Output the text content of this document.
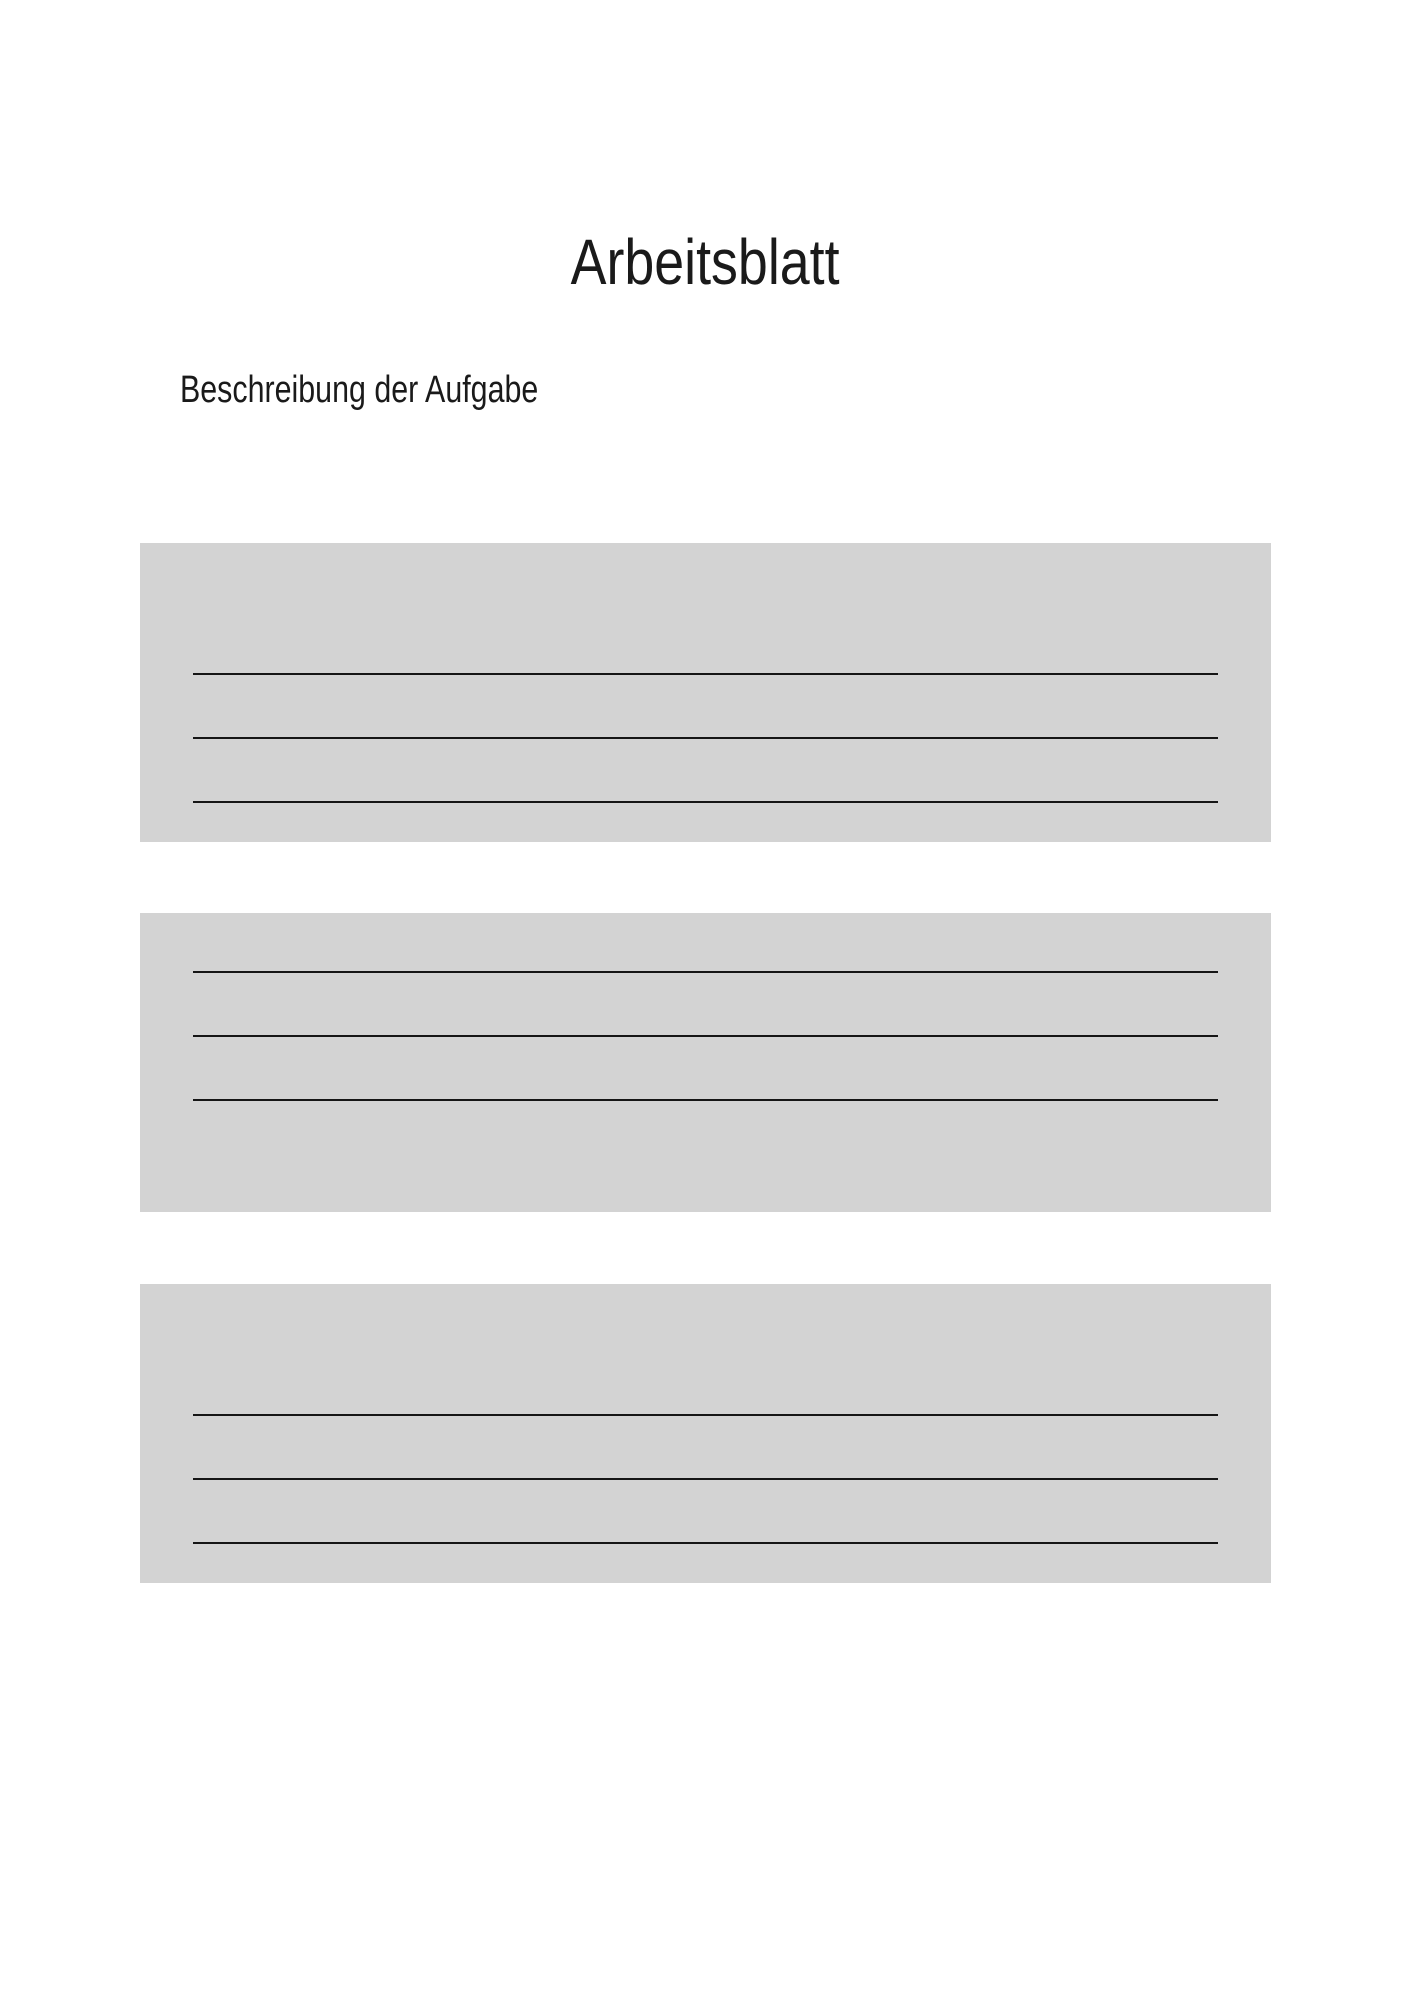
Arbeitsblatt
Beschreibung der Aufgabe
